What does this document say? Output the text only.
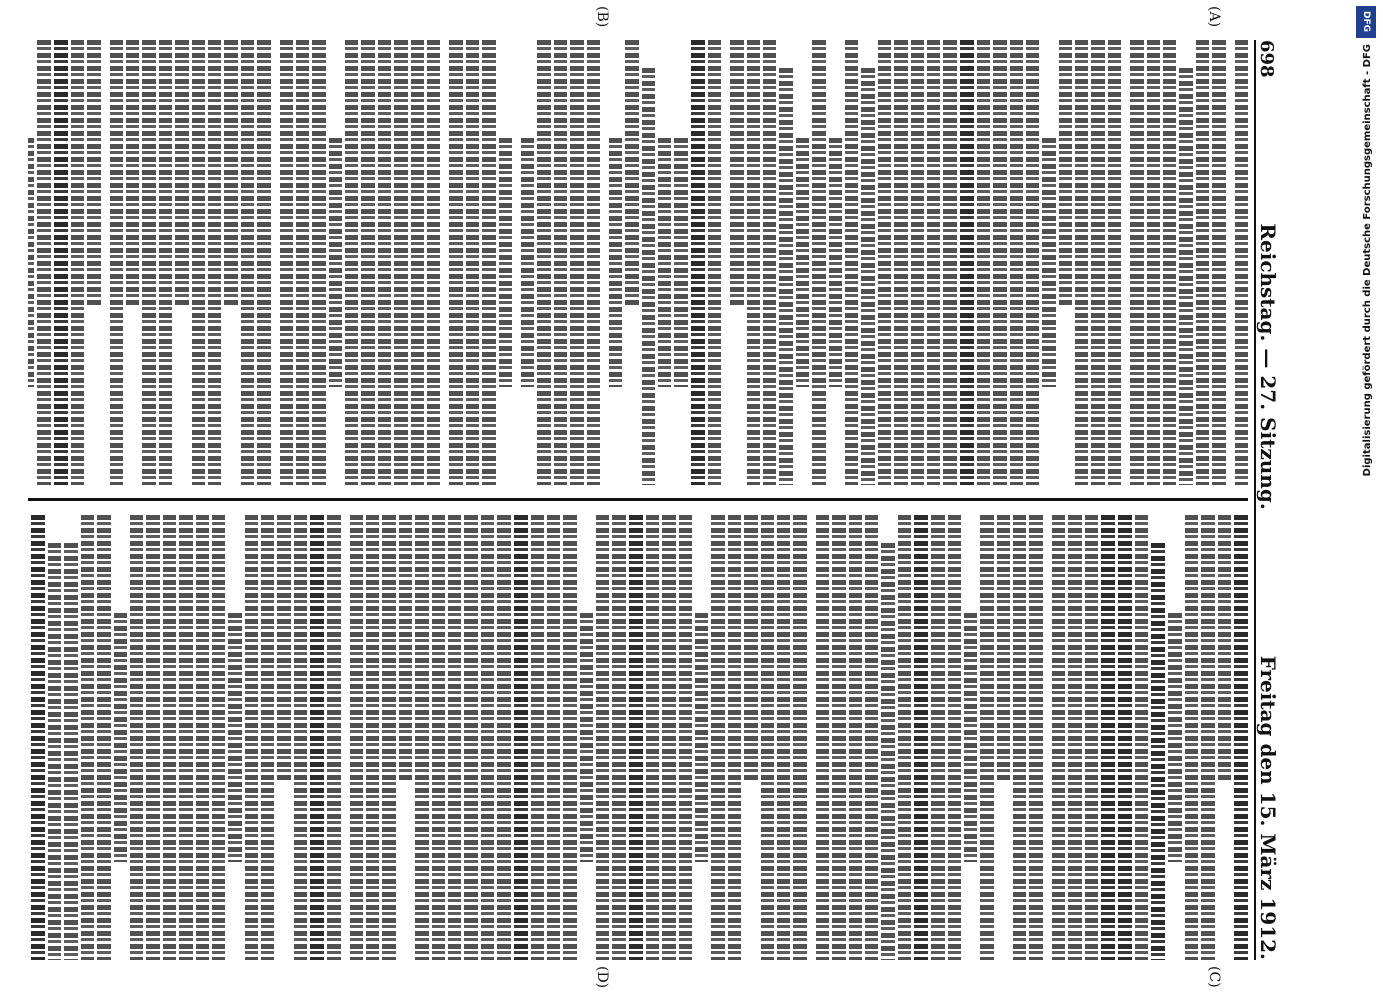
698
Reichstag. — 27. Sitzung.
Freitag den 15. März 1912.
(A)
(B)
(C)
(D)
DFG
Digitalisierung gefördert durch die Deutsche Forschungsgemeinschaft - DFG
